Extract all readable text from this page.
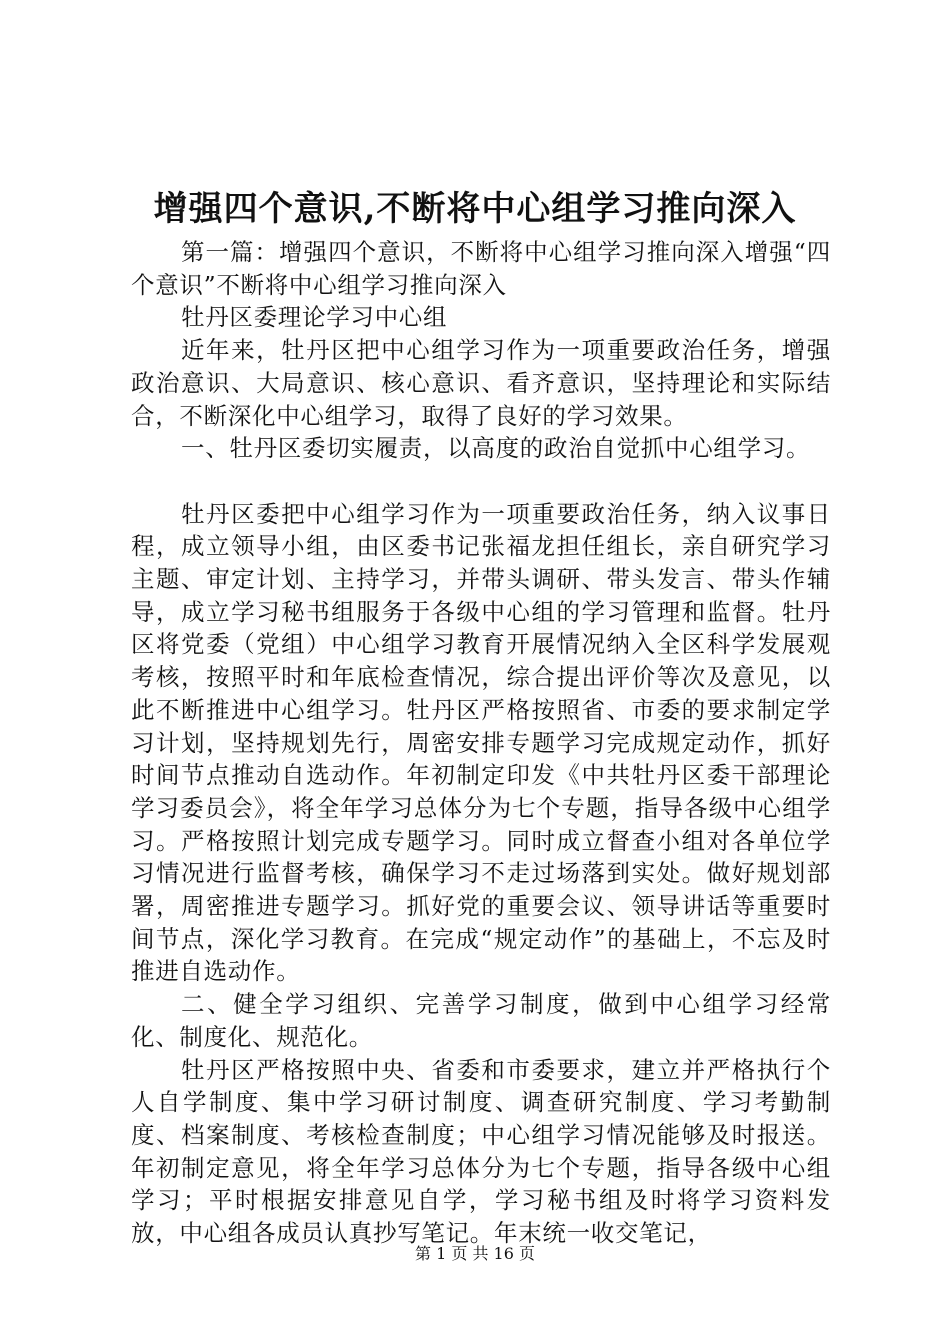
增强四个意识,不断将中心组学习推向深入

第一篇：增强四个意识，不断将中心组学习推向深入增强“四个意识”不断将中心组学习推向深入

牡丹区委理论学习中心组

近年来，牡丹区把中心组学习作为一项重要政治任务，增强政治意识、大局意识、核心意识、看齐意识，坚持理论和实际结合，不断深化中心组学习，取得了良好的学习效果。

一、牡丹区委切实履责，以高度的政治自觉抓中心组学习。

牡丹区委把中心组学习作为一项重要政治任务，纳入议事日程，成立领导小组，由区委书记张福龙担任组长，亲自研究学习主题、审定计划、主持学习，并带头调研、带头发言、带头作辅导，成立学习秘书组服务于各级中心组的学习管理和监督。牡丹区将党委（党组）中心组学习教育开展情况纳入全区科学发展观考核，按照平时和年底检查情况，综合提出评价等次及意见，以此不断推进中心组学习。牡丹区严格按照省、市委的要求制定学习计划，坚持规划先行，周密安排专题学习完成规定动作，抓好时间节点推动自选动作。年初制定印发《中共牡丹区委干部理论学习委员会》，将全年学习总体分为七个专题，指导各级中心组学习。严格按照计划完成专题学习。同时成立督查小组对各单位学习情况进行监督考核，确保学习不走过场落到实处。做好规划部署，周密推进专题学习。抓好党的重要会议、领导讲话等重要时间节点，深化学习教育。在完成“规定动作”的基础上，不忘及时推进自选动作。

二、健全学习组织、完善学习制度，做到中心组学习经常化、制度化、规范化。

牡丹区严格按照中央、省委和市委要求，建立并严格执行个人自学制度、集中学习研讨制度、调查研究制度、学习考勤制度、档案制度、考核检查制度；中心组学习情况能够及时报送。年初制定意见，将全年学习总体分为七个专题，指导各级中心组学习；平时根据安排意见自学，学习秘书组及时将学习资料发放，中心组各成员认真抄写笔记。年末统一收交笔记，

第 1 页 共 16 页
